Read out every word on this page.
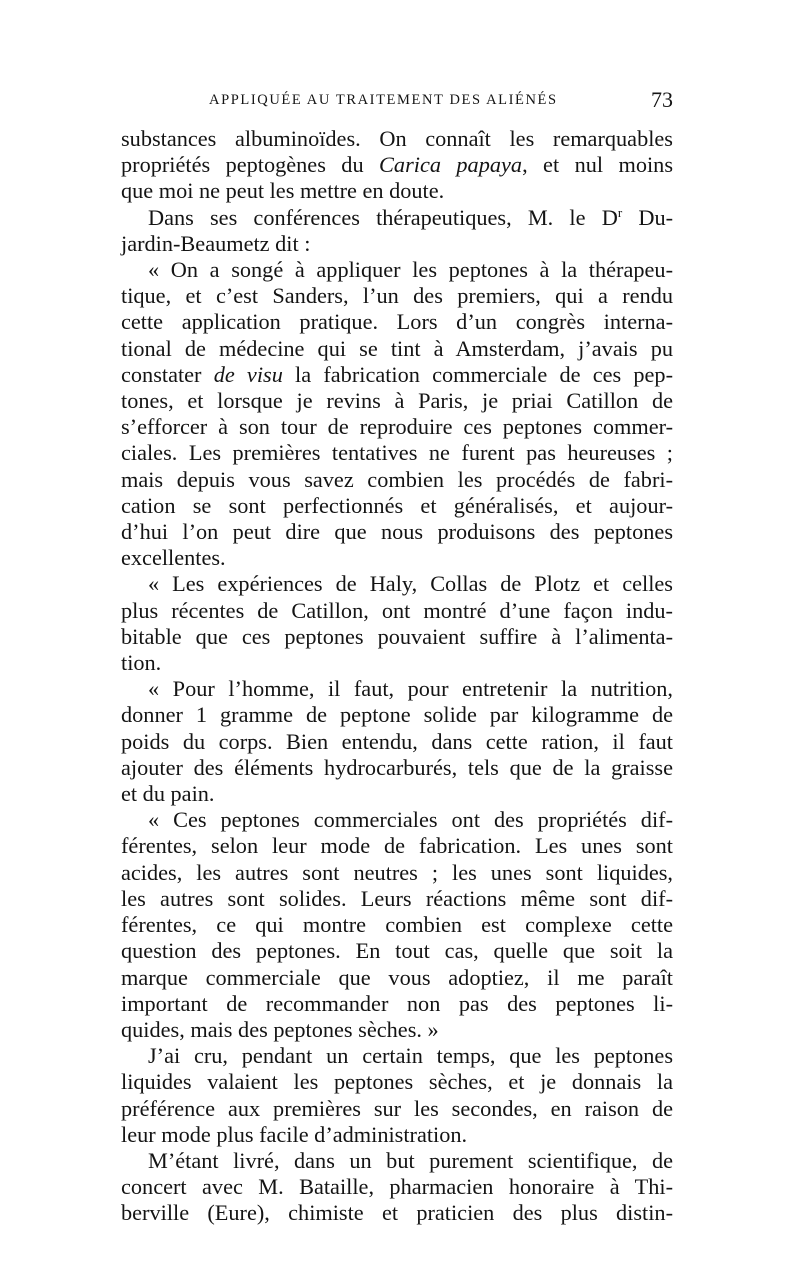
APPLIQUÉE AU TRAITEMENT DES ALIÉNÉS	73
substances albuminoïdes. On connaît les remarquables
propriétés peptogènes du Carica papaya, et nul moins
que moi ne peut les mettre en doute.
Dans ses conférences thérapeutiques, M. le $D^r$ Du-
jardin-Beaumetz dit :
« On a songé à appliquer les peptones à la thérapeu-
tique, et c’est Sanders, l’un des premiers, qui a rendu
cette application pratique. Lors d’un congrès interna-
tional de médecine qui se tint à Amsterdam, j’avais pu
constater de visu la fabrication commerciale de ces pep-
tones, et lorsque je revins à Paris, je priai Catillon de
s’efforcer à son tour de reproduire ces peptones commer-
ciales. Les premières tentatives ne furent pas heureuses ;
mais depuis vous savez combien les procédés de fabri-
cation se sont perfectionnés et généralisés, et aujour-
d’hui l’on peut dire que nous produisons des peptones
excellentes.
« Les expériences de Haly, Collas de Plotz et celles
plus récentes de Catillon, ont montré d’une façon indu-
bitable que ces peptones pouvaient suffire à l’alimenta-
tion.
« Pour l’homme, il faut, pour entretenir la nutrition,
donner 1 gramme de peptone solide par kilogramme de
poids du corps. Bien entendu, dans cette ration, il faut
ajouter des éléments hydrocarburés, tels que de la graisse
et du pain.
« Ces peptones commerciales ont des propriétés dif-
férentes, selon leur mode de fabrication. Les unes sont
acides, les autres sont neutres ; les unes sont liquides,
les autres sont solides. Leurs réactions même sont dif-
férentes, ce qui montre combien est complexe cette
question des peptones. En tout cas, quelle que soit la
marque commerciale que vous adoptiez, il me paraît
important de recommander non pas des peptones li-
quides, mais des peptones sèches. »
J’ai cru, pendant un certain temps, que les peptones
liquides valaient les peptones sèches, et je donnais la
préférence aux premières sur les secondes, en raison de
leur mode plus facile d’administration.
M’étant livré, dans un but purement scientifique, de
concert avec M. Bataille, pharmacien honoraire à Thi-
berville (Eure), chimiste et praticien des plus distin-
